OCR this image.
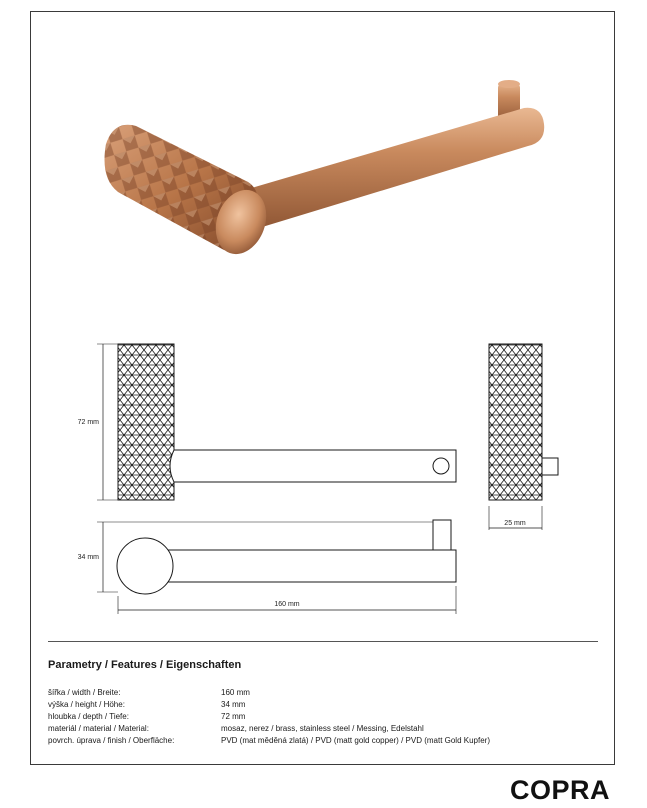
72 mm
25 mm
34 mm
160 mm
Parametry / Features / Eigenschaften
šířka / width / Breite:	160 mm
výška / height / Höhe:	34 mm
hloubka / depth / Tiefe:	72 mm
materiál / material / Material:	mosaz, nerez / brass, stainless steel / Messing, Edelstahl
povrch. úprava / finish / Oberfläche:	PVD (mat měděná zlatá) / PVD (matt gold copper) / PVD (matt Gold Kupfer)
COPRA
